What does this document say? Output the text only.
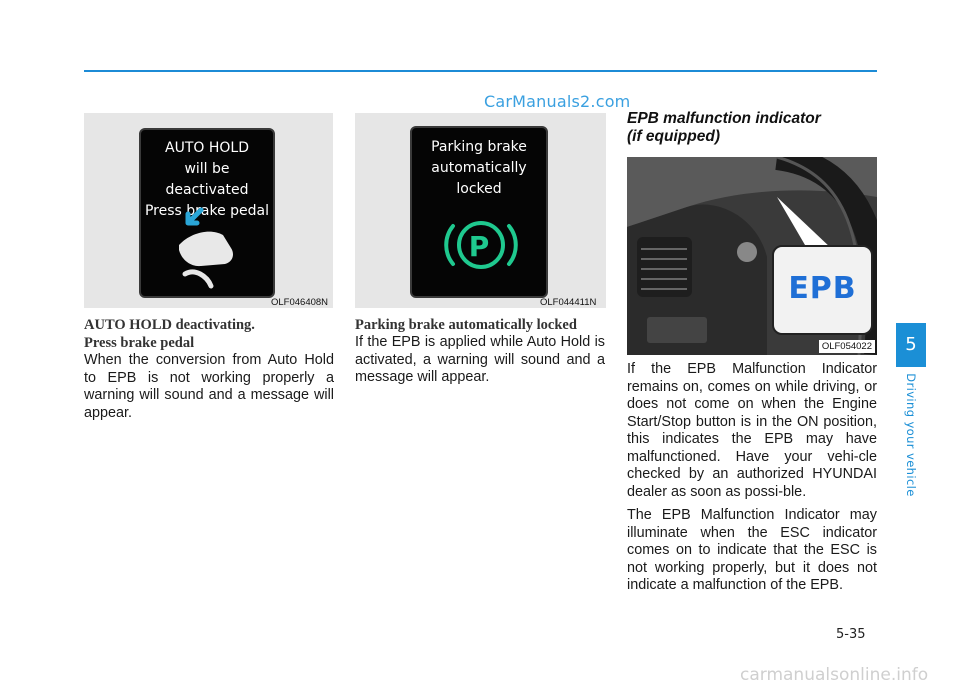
CarManuals2.com
AUTO HOLD
will be deactivated
Press brake pedal
OLF046408N
AUTO HOLD deactivating.
Press brake pedal

When the conversion from Auto Hold to EPB is not working properly a warning will sound and a message will appear.

Parking brake
automatically
locked
P
OLF044411N
Parking brake automatically locked

If the EPB is applied while Auto Hold is activated, a warning will sound and a message will appear.

EPB malfunction indicator
(if equipped)
EPB
OLF054022

If the EPB Malfunction Indicator remains on, comes on while driving, or does not come on when the Engine Start/Stop button is in the ON position, this indicates the EPB may have malfunctioned. Have your vehi-cle checked by an authorized HYUNDAI dealer as soon as possi-ble.

The EPB Malfunction Indicator may illuminate when the ESC indicator comes on to indicate that the ESC is not working properly, but it does not indicate a malfunction of the EPB.

5
Driving your vehicle
5-35
carmanualsonline.info
